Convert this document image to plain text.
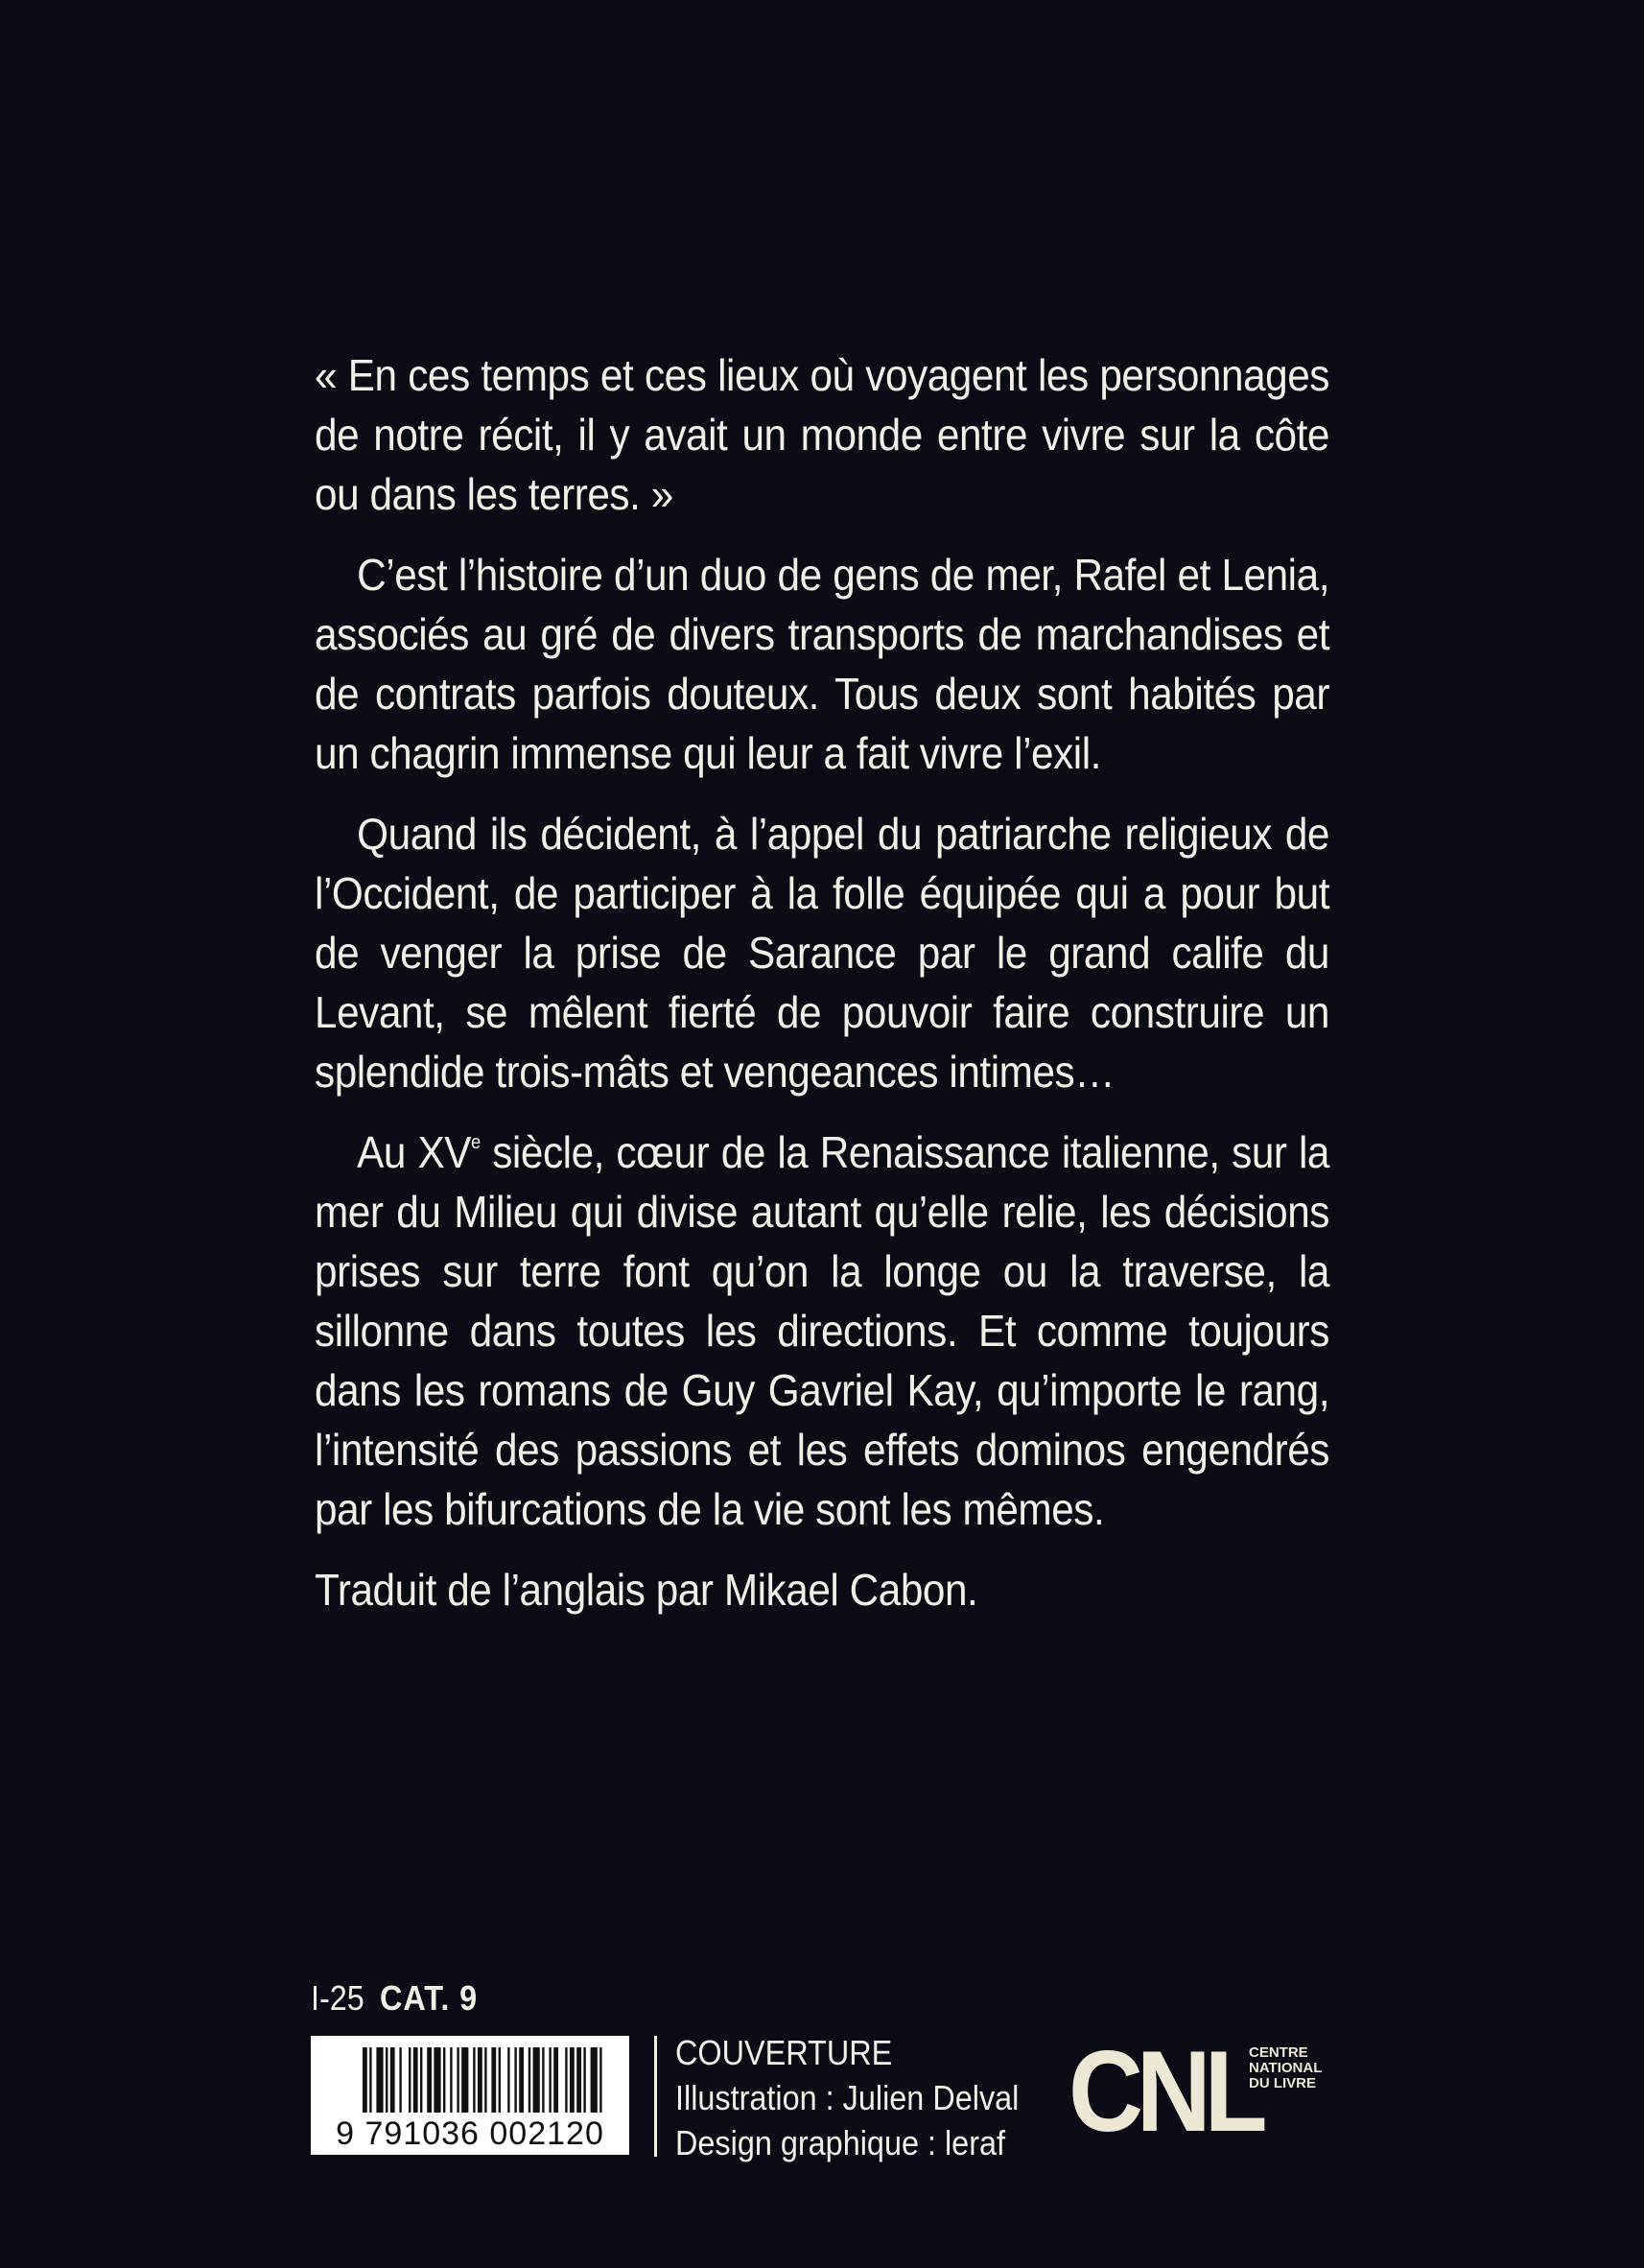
« En ces temps et ces lieux où voyagent les personnages de notre récit, il y avait un monde entre vivre sur la côte ou dans les terres. »

C’est l’histoire d’un duo de gens de mer, Rafel et Lenia, associés au gré de divers transports de marchandises et de contrats parfois douteux. Tous deux sont habités par un chagrin immense qui leur a fait vivre l’exil.

Quand ils décident, à l’appel du patriarche religieux de l’Occident, de participer à la folle équipée qui a pour but de venger la prise de Sarance par le grand calife du Levant, se mêlent fierté de pouvoir faire construire un splendide trois-mâts et vengeances intimes…

Au XVe siècle, cœur de la Renaissance italienne, sur la mer du Milieu qui divise autant qu’elle relie, les décisions prises sur terre font qu’on la longe ou la traverse, la sillonne dans toutes les directions. Et comme toujours dans les romans de Guy Gavriel Kay, qu’importe le rang, l’intensité des passions et les effets dominos engendrés par les bifurcations de la vie sont les mêmes.

Traduit de l’anglais par Mikael Cabon.

I-25 CAT. 9
9 791036 002120
COUVERTURE
Illustration : Julien Delval
Design graphique : leraf CNL
CENTRE
NATIONAL
DU LIVRE
